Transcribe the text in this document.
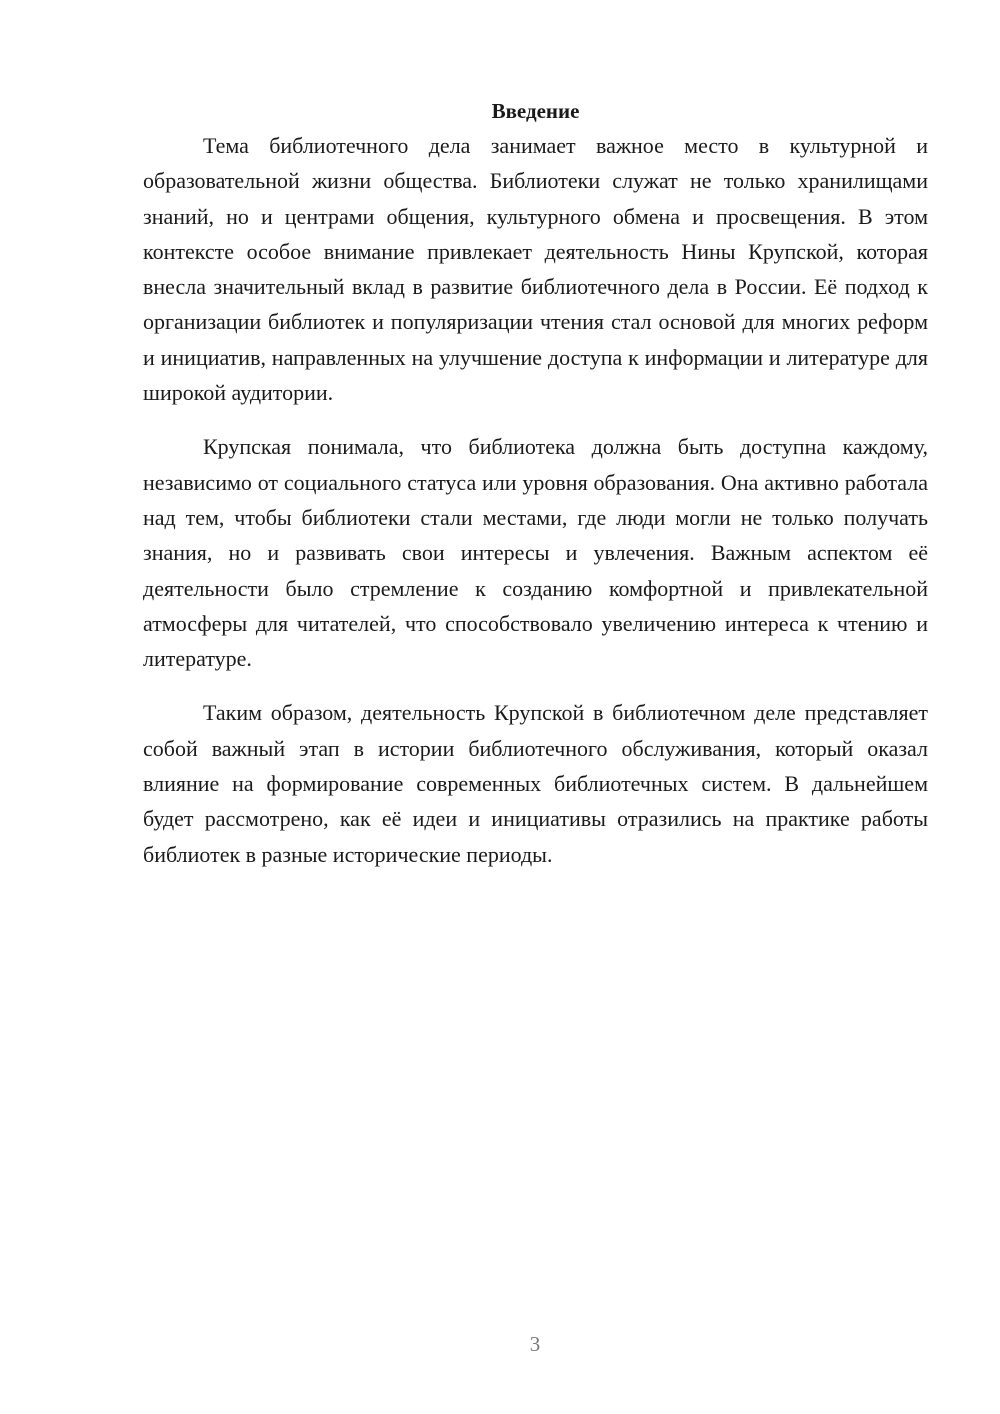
Введение

Тема библиотечного дела занимает важное место в культурной и образовательной жизни общества. Библиотеки служат не только хранилищами знаний, но и центрами общения, культурного обмена и просвещения. В этом контексте особое внимание привлекает деятельность Нины Крупской, которая внесла значительный вклад в развитие библиотечного дела в России. Её подход к организации библиотек и популяризации чтения стал основой для многих реформ и инициатив, направленных на улучшение доступа к информации и литературе для широкой аудитории.

Крупская понимала, что библиотека должна быть доступна каждому, независимо от социального статуса или уровня образования. Она активно работала над тем, чтобы библиотеки стали местами, где люди могли не только получать знания, но и развивать свои интересы и увлечения. Важным аспектом её деятельности было стремление к созданию комфортной и привлекательной атмосферы для читателей, что способствовало увеличению интереса к чтению и литературе.

Таким образом, деятельность Крупской в библиотечном деле представляет собой важный этап в истории библиотечного обслуживания, который оказал влияние на формирование современных библиотечных систем. В дальнейшем будет рассмотрено, как её идеи и инициативы отразились на практике работы библиотек в разные исторические периоды.

3
